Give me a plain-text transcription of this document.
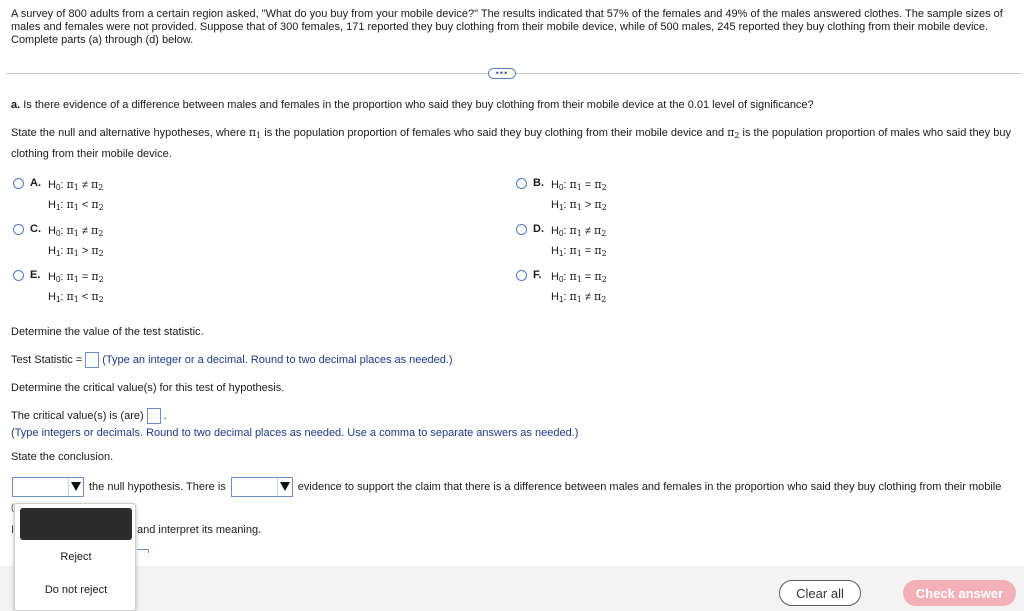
A survey of 800 adults from a certain region asked, "What do you buy from your mobile device?" The results indicated that 57% of the females and 49% of the males answered clothes. The sample sizes of males and females were not provided. Suppose that of 300 females, 171 reported they buy clothing from their mobile device, while of 500 males, 245 reported they buy clothing from their mobile device. Complete parts (a) through (d) below.
•••
a. Is there evidence of a difference between males and females in the proportion who said they buy clothing from their mobile device at the 0.01 level of significance?
State the null and alternative hypotheses, where $\pi_1$ is the population proportion of females who said they buy clothing from their mobile device and $\pi_2$ is the population proportion of males who said they buy clothing from their mobile device.
A. $H_0$: $\pi_1 \ne \pi_2$
$H_1$: $\pi_1 < \pi_2$
B. $H_0$: $\pi_1 = \pi_2$
$H_1$: $\pi_1 > \pi_2$
C. $H_0$: $\pi_1 \ne \pi_2$
$H_1$: $\pi_1 > \pi_2$
D. $H_0$: $\pi_1 \ne \pi_2$
$H_1$: $\pi_1 = \pi_2$
E. $H_0$: $\pi_1 = \pi_2$
$H_1$: $\pi_1 < \pi_2$
F. $H_0$: $\pi_1 = \pi_2$
$H_1$: $\pi_1 \ne \pi_2$
Determine the value of the test statistic.
Test Statistic = (Type an integer or a decimal. Round to two decimal places as needed.)
Determine the critical value(s) for this test of hypothesis.
The critical value(s) is (are) .
(Type integers or decimals. Round to two decimal places as needed. Use a comma to separate answers as needed.)
State the conclusion.
the null hypothesis. There is	evidence to support the claim that there is a difference between males and females in the proportion who said they buy clothing from their mobile
(
I	and interpret its meaning.
Clear all	Check answer
Reject
Do not reject
